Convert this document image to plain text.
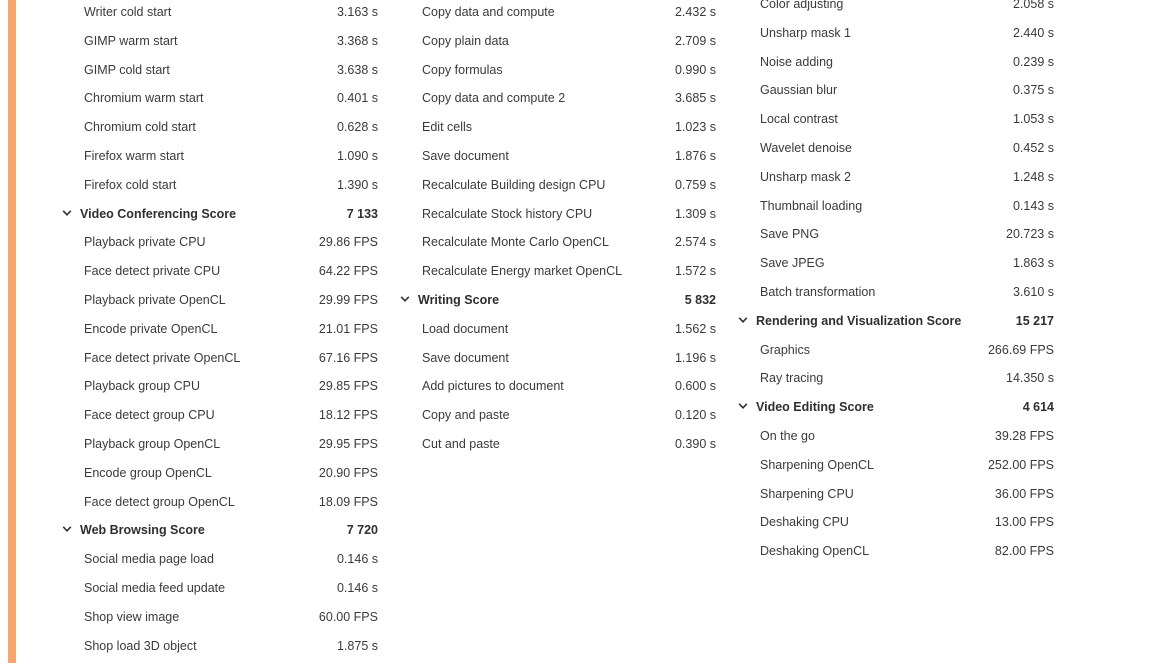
Writer cold start	3.163 s
GIMP warm start	3.368 s
GIMP cold start	3.638 s
Chromium warm start	0.401 s
Chromium cold start	0.628 s
Firefox warm start	1.090 s
Firefox cold start	1.390 s
Video Conferencing Score	7 133
Playback private CPU	29.86 FPS
Face detect private CPU	64.22 FPS
Playback private OpenCL	29.99 FPS
Encode private OpenCL	21.01 FPS
Face detect private OpenCL	67.16 FPS
Playback group CPU	29.85 FPS
Face detect group CPU	18.12 FPS
Playback group OpenCL	29.95 FPS
Encode group OpenCL	20.90 FPS
Face detect group OpenCL	18.09 FPS
Web Browsing Score	7 720
Social media page load	0.146 s
Social media feed update	0.146 s
Shop view image	60.00 FPS
Shop load 3D object	1.875 s
Copy data and compute	2.432 s
Copy plain data	2.709 s
Copy formulas	0.990 s
Copy data and compute 2	3.685 s
Edit cells	1.023 s
Save document	1.876 s
Recalculate Building design CPU	0.759 s
Recalculate Stock history CPU	1.309 s
Recalculate Monte Carlo OpenCL	2.574 s
Recalculate Energy market OpenCL	1.572 s
Writing Score	5 832
Load document	1.562 s
Save document	1.196 s
Add pictures to document	0.600 s
Copy and paste	0.120 s
Cut and paste	0.390 s
Color adjusting	2.058 s
Unsharp mask 1	2.440 s
Noise adding	0.239 s
Gaussian blur	0.375 s
Local contrast	1.053 s
Wavelet denoise	0.452 s
Unsharp mask 2	1.248 s
Thumbnail loading	0.143 s
Save PNG	20.723 s
Save JPEG	1.863 s
Batch transformation	3.610 s
Rendering and Visualization Score	15 217
Graphics	266.69 FPS
Ray tracing	14.350 s
Video Editing Score	4 614
On the go	39.28 FPS
Sharpening OpenCL	252.00 FPS
Sharpening CPU	36.00 FPS
Deshaking CPU	13.00 FPS
Deshaking OpenCL	82.00 FPS
